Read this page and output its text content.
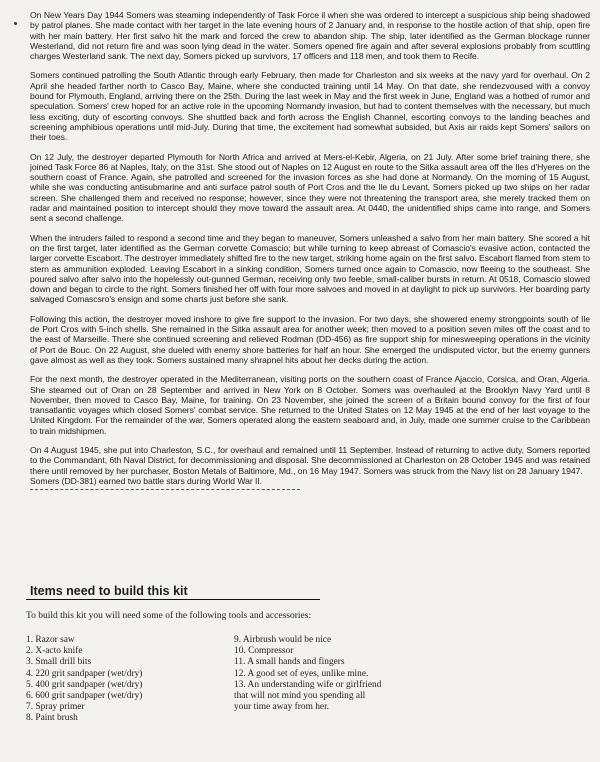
On New Years Day 1944 Somers was steaming independently of Task Force il when she was ordered to intercept a suspicious ship being shadowed by patrol planes. She made contact with her target in the late evening hours of 2 January and, in response to the hostile action of that ship, open fire with her main battery. Her first salvo hit the mark and forced the crew to abandon ship. The ship, later identified as the German blockage runner Westerland, did not return fire and was soon lying dead in the water. Somers opened fire again and after several explosions probably from scuttling charges Westerland sank. The next day, Somers picked up survivors, 17 officers and 118 men, and took them to Recife.

Somers continued patrolling the South Atlantic through early February, then made for Charleston and six weeks at the navy yard for overhaul. On 2 April she headed farther north to Casco Bay, Maine, where she conducted training until 14 May. On that date, she rendezvoused with a convoy bound for Plymouth, England, arriving there on the 25th. During the last week in May and the first week in June, England was a hotbed of rumor and speculation. Somers' crew hoped for an active role in the upcoming Normandy invasion, but had to content themselves with the necessary, but much less exciting, duty of escorting convoys. She shuttled back and forth across the English Channel, escorting convoys to the landing beaches and screening amphibious operations until mid-July. During that time, the excitement had somewhat subsided, but Axis air raids kept Somers' sailors on their toes.

On 12 July, the destroyer departed Plymouth for North Africa and arrived at Mers-el-Kebir, Algeria, on 21 July. After some brief training there, she joined Task Force 86 at Naples, Italy, on the 31st. She stood out of Naples on 12 August en route to the Sitka assault area off the Iles d'Hyeres on the southern coast of France. Again, she patrolled and screened for the invasion forces as she had done at Normandy. On the morning of 15 August, while she was conducting antisubmarine and anti surface patrol south of Port Cros and the Ile du Levant, Somers picked up two ships on her radar screen. She challenged them and received no response; however, since they were not threatening the transport area, she merely tracked them on radar and maintained position to intercept should they move toward the assault area. At 0440, the unidentified ships came into range, and Somers sent a second challenge.

When the intruders failed to respond a second time and they began to maneuver, Somers unleashed a salvo from her main battery. She scored a hit on the first target, later identified as the German corvette Comascio; but while turning to keep abreast of Comascio's evasive action, contacted the larger corvette Escabort. The destroyer immediately shifted fire to the new target, striking home again on the first salvo. Escabort flamed from stem to stern as ammunition exploded. Leaving Escabort in a sinking condition, Somers turned once again to Comascio, now fleeing to the southeast. She poured salvo after salvo into the hopelessly out-gunned German, receiving only two feeble, small-caliber bursts in return. At 0518, Comascio slowed down and began to circle to the right. Somers finished her off with four more salvoes and moved in at daylight to pick up survivors. Her boarding party salvaged Comascsro's ensign and some charts just before she sank.

Following this action, the destroyer moved inshore to give fire support to the invasion. For two days, she showered enemy strongpoints south of Ile de Port Cros with 5-inch shells. She remained in the Sitka assault area for another week; then moved to a position seven miles off the coast and to the east of Marseille. There she continued screening and relieved Rodman (DD-456) as fire support ship for minesweeping operations in the vicinity of Port de Bouc. On 22 August, she dueled with enemy shore batteries for half an hour. She emerged the undisputed victor, but the enemy gunners gave almost as well as they took. Somers sustained many shrapnel hits about her decks during the action.

For the next month, the destroyer operated in the Mediterranean, visiting ports on the southern coast of France Ajaccio, Corsica, and Oran, Algeria. She steamed out of Oran on 28 September and arrived in New York on 8 October. Somers was overhauled at the Brooklyn Navy Yard until 8 November, then moved to Casco Bay, Maine, for training. On 23 November, she joined the screen of a Britain bound convoy for the first of four transatlantic voyages which closed Somers' combat service. She returned to the United States on 12 May 1945 at the end of her last voyage to the United Kingdom. For the remainder of the war, Somers operated along the eastern seaboard and, in July, made one summer cruise to the Caribbean to train midshipmen.

On 4 August 1945, she put into Charleston, S.C., for overhaul and remained until 11 September. Instead of returning to active duty, Somers reported to the Commandant, 6th Naval District, for decommissioning and disposal. She decommissioned at Charleston on 28 October 1945 and was retained there until removed by her purchaser, Boston Metals of Baltimore, Md., on 16 May 1947. Somers was struck from the Navy list on 28 January 1947.

Somers (DD-381) earned two battle stars during World War II.

Items need to build this kit

To build this kit you will need some of the following tools and accessories:

1. Razor saw
2. X-acto knife
3. Small drill bits
4. 220 grit sandpaper (wet/dry)
5. 400 grit sandpaper (wet/dry)
6. 600 grit sandpaper (wet/dry)
7. Spray primer
8. Paint brush
9. Airbrush would be nice
10. Compressor
11. A small hands and fingers
12. A good set of eyes, unlike mine.
13. An understanding wife or girlfriend
that will not mind you spending all
your time away from her.
